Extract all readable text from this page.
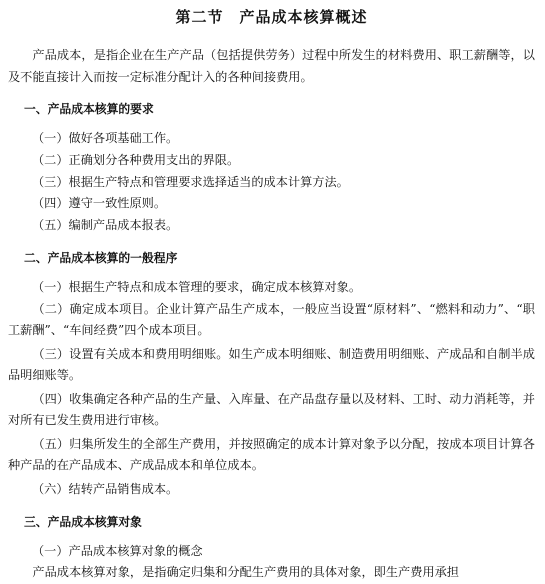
第二节　产品成本核算概述

产品成本，是指企业在生产产品（包括提供劳务）过程中所发生的材料费用、职工薪酬等，以及不能直接计入而按一定标准分配计入的各种间接费用。

一、产品成本核算的要求
（一）做好各项基础工作。
（二）正确划分各种费用支出的界限。
（三）根据生产特点和管理要求选择适当的成本计算方法。
（四）遵守一致性原则。
（五）编制产品成本报表。
二、产品成本核算的一般程序
（一）根据生产特点和成本管理的要求，确定成本核算对象。

（二）确定成本项目。企业计算产品生产成本，一般应当设置“原材料”、“燃料和动力”、“职工薪酬”、“车间经费”四个成本项目。

（三）设置有关成本和费用明细账。如生产成本明细账、制造费用明细账、产成品和自制半成品明细账等。

（四）收集确定各种产品的生产量、入库量、在产品盘存量以及材料、工时、动力消耗等，并对所有已发生费用进行审核。

（五）归集所发生的全部生产费用，并按照确定的成本计算对象予以分配，按成本项目计算各种产品的在产品成本、产成品成本和单位成本。

（六）结转产品销售成本。
三、产品成本核算对象
（一）产品成本核算对象的概念

产品成本核算对象，是指确定归集和分配生产费用的具体对象，即生产费用承担
